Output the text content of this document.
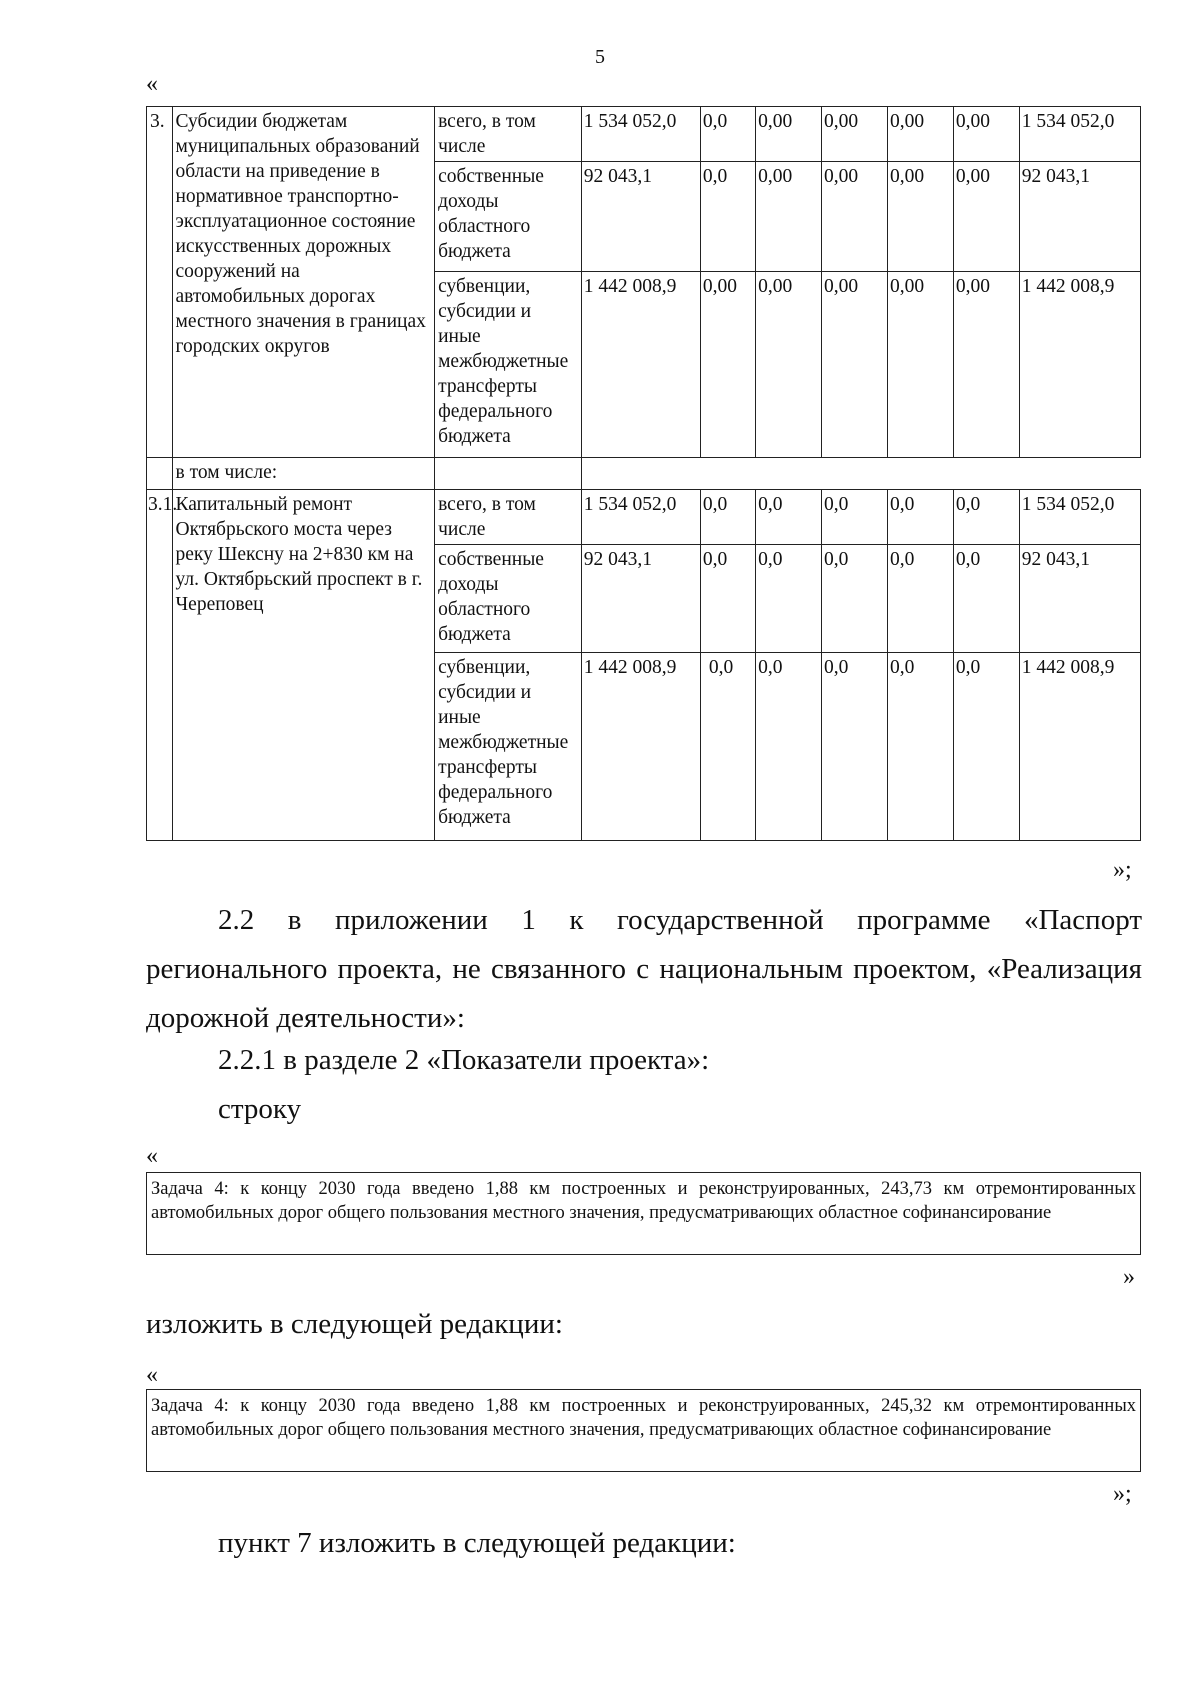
5
«
3.	Субсидии бюджетам муниципальных образований области на приведение в нормативное транспортно-эксплуатационное состояние искусственных дорожных сооружений на автомобильных дорогах местного значения в границах городских округов	всего, в том числе	1 534 052,0	0,0	0,00	0,00	0,00	0,00	1 534 052,0
		собственные доходы областного бюджета	92 043,1	0,0	0,00	0,00	0,00	0,00	92 043,1
		субвенции, субсидии и иные межбюджетные трансферты федерального бюджета	1 442 008,9	0,00	0,00	0,00	0,00	0,00	1 442 008,9
	в том числе:								
3.1.	Капитальный ремонт Октябрьского моста через реку Шексну на 2+830 км на ул. Октябрьский проспект в г. Череповец	всего, в том числе	1 534 052,0	0,0	0,0	0,0	0,0	0,0	1 534 052,0
		собственные доходы областного бюджета	92 043,1	0,0	0,0	0,0	0,0	0,0	92 043,1
		субвенции, субсидии и иные межбюджетные трансферты федерального бюджета	1 442 008,9	0,0	0,0	0,0	0,0	0,0	1 442 008,9
»;

2.2 в приложении 1 к государственной программе «Паспорт регионального проекта, не связанного с национальным проектом, «Реализация дорожной деятельности»:

2.2.1 в разделе 2 «Показатели проекта»:

строку

«
Задача 4: к концу 2030 года введено 1,88 км построенных и реконструированных, 243,73 км отремонтированных автомобильных дорог общего пользования местного значения, предусматривающих областное софинансирование
»

изложить в следующей редакции:

«
Задача 4: к концу 2030 года введено 1,88 км построенных и реконструированных, 245,32 км отремонтированных автомобильных дорог общего пользования местного значения, предусматривающих областное софинансирование
»;

пункт 7 изложить в следующей редакции:
